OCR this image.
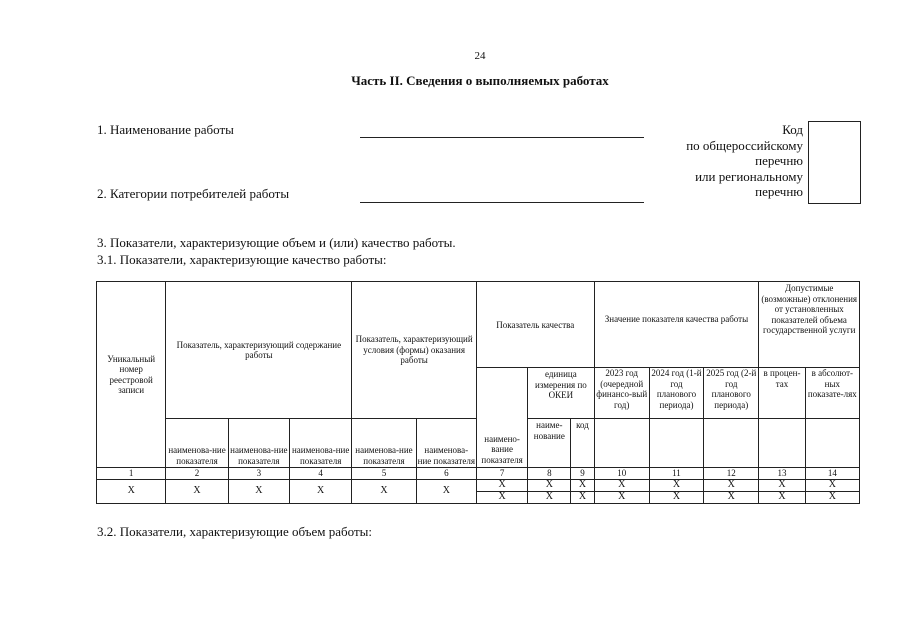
24
Часть II. Сведения о выполняемых работах
1. Наименование работы
2. Категории потребителей работы
Код
по общероссийскому
перечню
или региональному
перечню
3. Показатели, характеризующие объем и (или) качество работы.
3.1. Показатели, характеризующие качество работы:
Уникальный номер реестровой записи	Показатель, характеризующий содержание работы			Показатель, характеризующий условия (формы) оказания работы		Показатель качества			Значение показателя качества работы			Допустимые (возможные) отклонения от установленных показателей объема государственной услуги	
						наимено-вание показателя	единица измерения по ОКЕИ		2023 год (очередной финансо-вый год)	2024 год (1-й год планового периода)	2025 год (2-й год планового периода)	в процен-тах	в абсолют-ных показате-лях
	наименова-ние показателя	наименова-ние показателя	наименова-ние показателя	наименова-ние показателя	наименова-ние показателя		наиме-нование	код					
1	2	3	4	5	6	7	8	9	10	11	12	13	14
Х	Х	Х	Х	Х	Х	Х	Х	Х	Х	Х	Х	Х	Х
						Х	Х	Х	Х	Х	Х	Х	Х
3.2. Показатели, характеризующие объем работы:
